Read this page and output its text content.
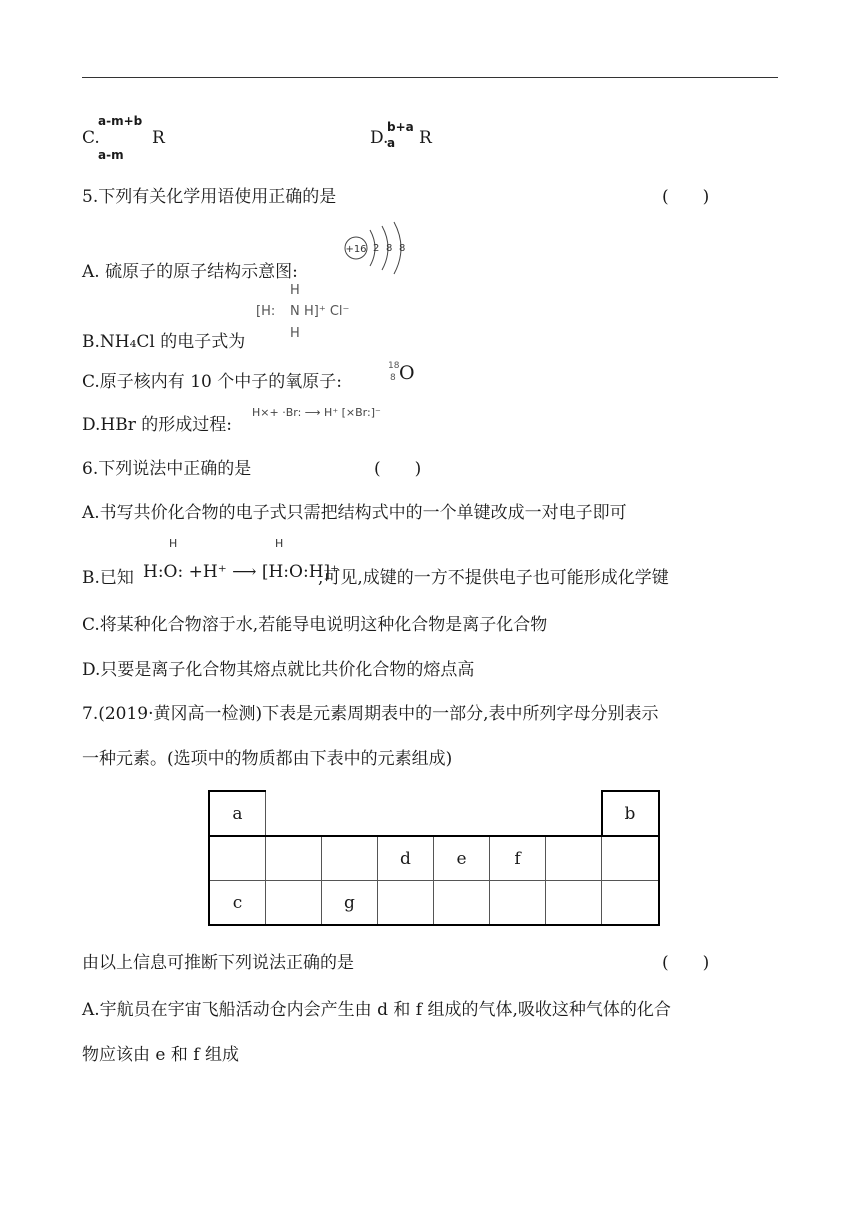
C.
a-m+b
a-m
R	D.
b+a
a R
5.下列有关化学用语使用正确的是	(　　)
A. 硫原子的原子结构示意图:
+16 2 8 8
B.NH₄Cl 的电子式为
H
[H: N H]⁺ Cl⁻
H
C.原子核内有 10 个中子的氧原子:
18
8 O
D.HBr 的形成过程:
H×+ ·Br: ⟶ H⁺ [×Br:]⁻
6.下列说法中正确的是	(　　)
A.书写共价化合物的电子式只需把结构式中的一个单键改成一对电子即可
B.已知
H	H
H:O: +H⁺ ⟶ [H:O:H]⁺
,可见,成键的一方不提供电子也可能形成化学键
C.将某种化合物溶于水,若能导电说明这种化合物是离子化合物
D.只要是离子化合物其熔点就比共价化合物的熔点高
7.(2019·黄冈高一检测)下表是元素周期表中的一部分,表中所列字母分别表示
一种元素。(选项中的物质都由下表中的元素组成)
a							b
			d	e	f		
c		g					
由以上信息可推断下列说法正确的是	(　　)
A.宇航员在宇宙飞船活动仓内会产生由 d 和 f 组成的气体,吸收这种气体的化合
物应该由 e 和 f 组成
